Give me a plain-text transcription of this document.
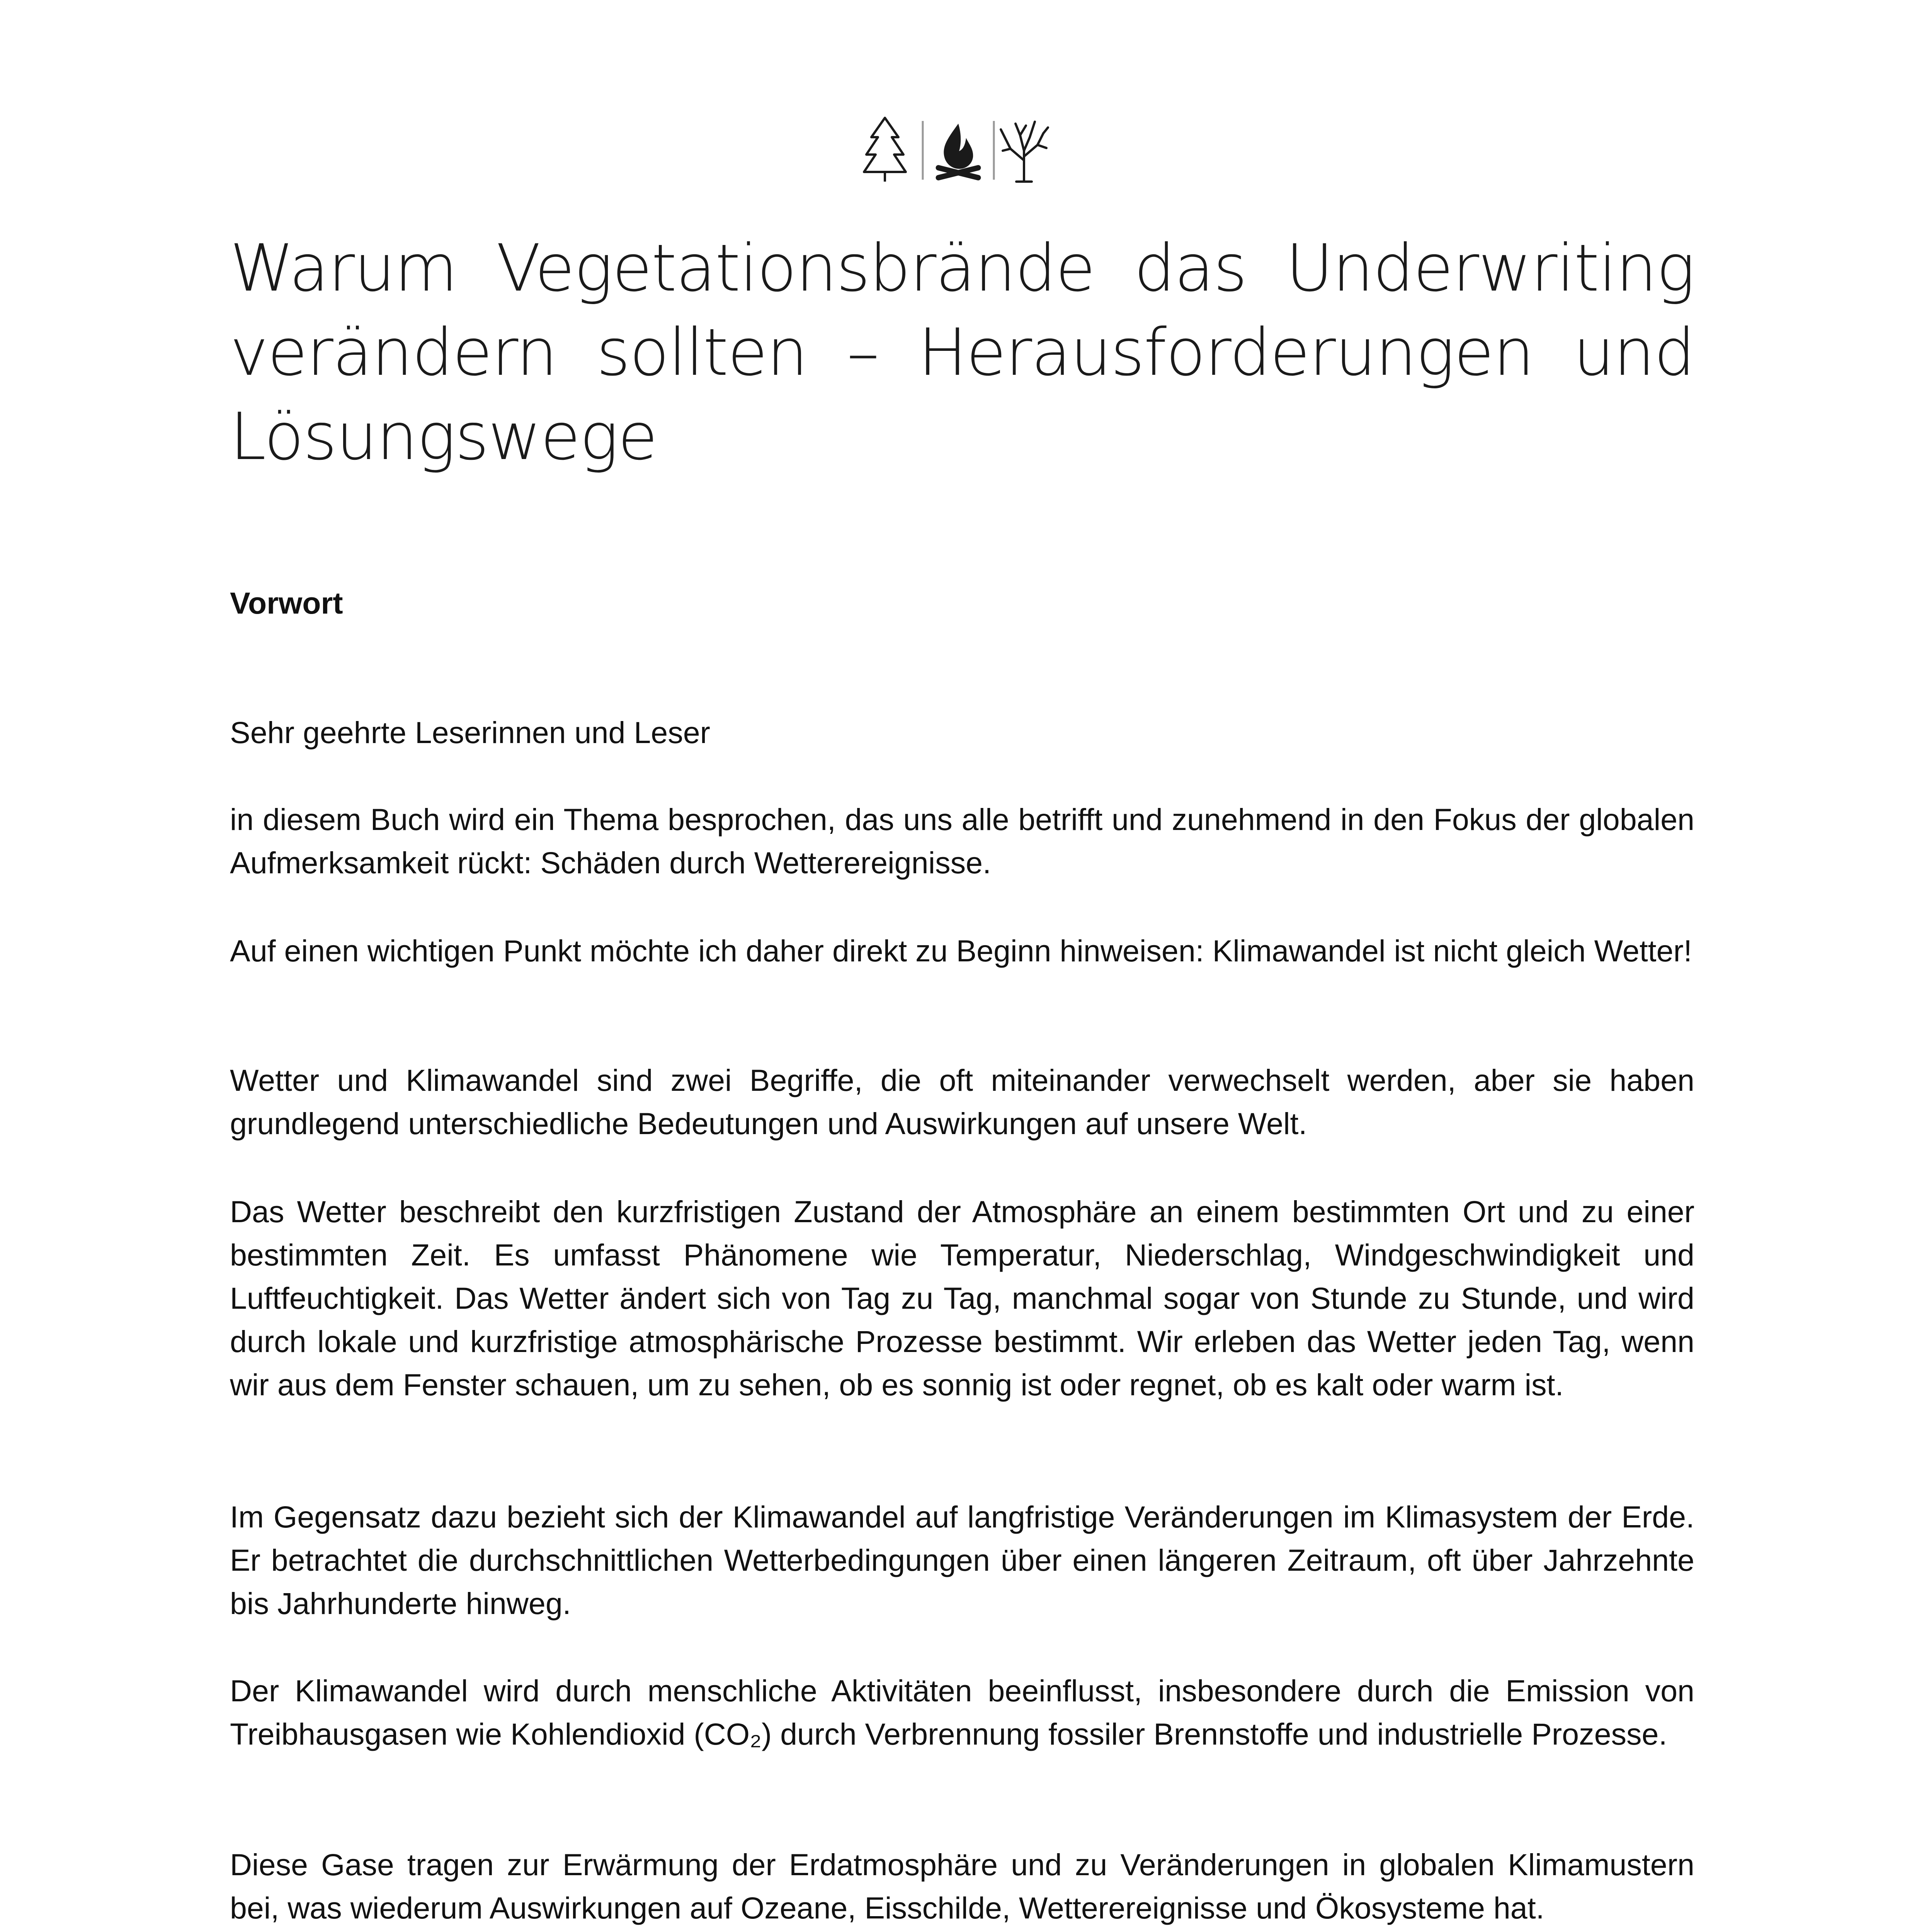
Warum Vegetationsbrände das Underwriting verändern sollten – Herausforderungen und Lösungswege

Vorwort

Sehr geehrte Leserinnen und Leser

in diesem Buch wird ein Thema besprochen, das uns alle betrifft und zunehmend in den Fokus der globalen Aufmerksamkeit rückt: Schäden durch Wetterereignisse.

Auf einen wichtigen Punkt möchte ich daher direkt zu Beginn hinweisen: Klimawandel ist nicht gleich Wetter!

Wetter und Klimawandel sind zwei Begriffe, die oft miteinander verwechselt werden, aber sie haben grundlegend unterschiedliche Bedeutungen und Auswirkungen auf unsere Welt.

Das Wetter beschreibt den kurzfristigen Zustand der Atmosphäre an einem bestimmten Ort und zu einer bestimmten Zeit. Es umfasst Phänomene wie Temperatur, Niederschlag, Windgeschwindigkeit und Luftfeuchtigkeit. Das Wetter ändert sich von Tag zu Tag, manchmal sogar von Stunde zu Stunde, und wird durch lokale und kurzfristige atmosphärische Prozesse bestimmt. Wir erleben das Wetter jeden Tag, wenn wir aus dem Fenster schauen, um zu sehen, ob es sonnig ist oder regnet, ob es kalt oder warm ist.

Im Gegensatz dazu bezieht sich der Klimawandel auf langfristige Veränderungen im Klimasystem der Erde. Er betrachtet die durchschnittlichen Wetterbedingungen über einen längeren Zeitraum, oft über Jahrzehnte bis Jahrhunderte hinweg.

Der Klimawandel wird durch menschliche Aktivitäten beeinflusst, insbesondere durch die Emission von Treibhausgasen wie Kohlendioxid (CO₂) durch Verbrennung fossiler Brennstoffe und industrielle Prozesse.

Diese Gase tragen zur Erwärmung der Erdatmosphäre und zu Veränderungen in globalen Klimamustern bei, was wiederum Auswirkungen auf Ozeane, Eisschilde, Wetterereignisse und Ökosysteme hat.
